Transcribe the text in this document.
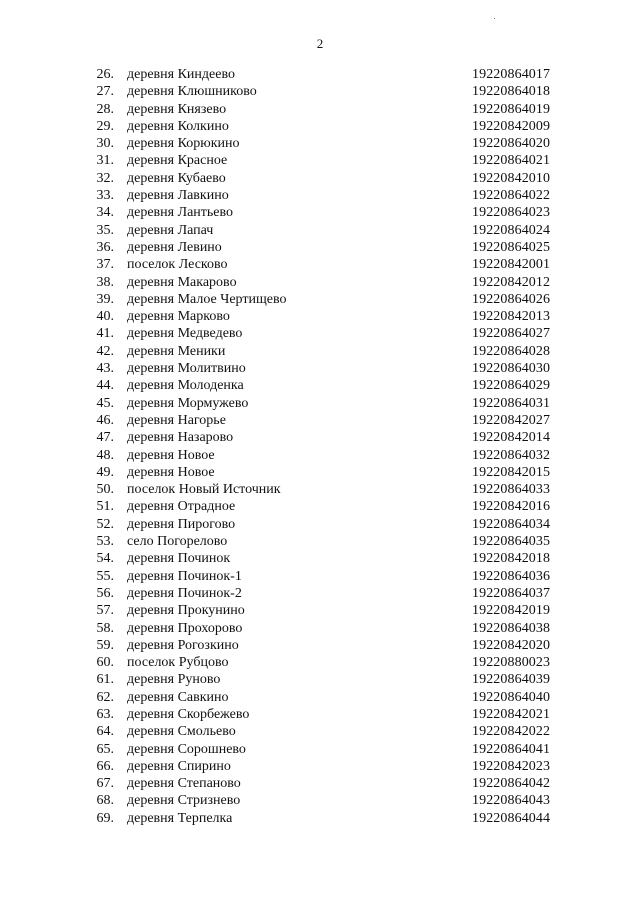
2
26. деревня Киндеево	19220864017
27. деревня Клюшниково	19220864018
28. деревня Князево	19220864019
29. деревня Колкино	19220842009
30. деревня Корюкино	19220864020
31. деревня Красное	19220864021
32. деревня Кубаево	19220842010
33. деревня Лавкино	19220864022
34. деревня Лантьево	19220864023
35. деревня Лапач	19220864024
36. деревня Левино	19220864025
37. поселок Лесково	19220842001
38. деревня Макарово	19220842012
39. деревня Малое Чертищево	19220864026
40. деревня Марково	19220842013
41. деревня Медведево	19220864027
42. деревня Меники	19220864028
43. деревня Молитвино	19220864030
44. деревня Молоденка	19220864029
45. деревня Мормужево	19220864031
46. деревня Нагорье	19220842027
47. деревня Назарово	19220842014
48. деревня Новое	19220864032
49. деревня Новое	19220842015
50. поселок Новый Источник	19220864033
51. деревня Отрадное	19220842016
52. деревня Пирогово	19220864034
53. село Погорелово	19220864035
54. деревня Починок	19220842018
55. деревня Починок-1	19220864036
56. деревня Починок-2	19220864037
57. деревня Прокунино	19220842019
58. деревня Прохорово	19220864038
59. деревня Рогозкино	19220842020
60. поселок Рубцово	19220880023
61. деревня Руново	19220864039
62. деревня Савкино	19220864040
63. деревня Скорбежево	19220842021
64. деревня Смольево	19220842022
65. деревня Сорошнево	19220864041
66. деревня Спирино	19220842023
67. деревня Степаново	19220864042
68. деревня Стризнево	19220864043
69. деревня Терпелка	19220864044
